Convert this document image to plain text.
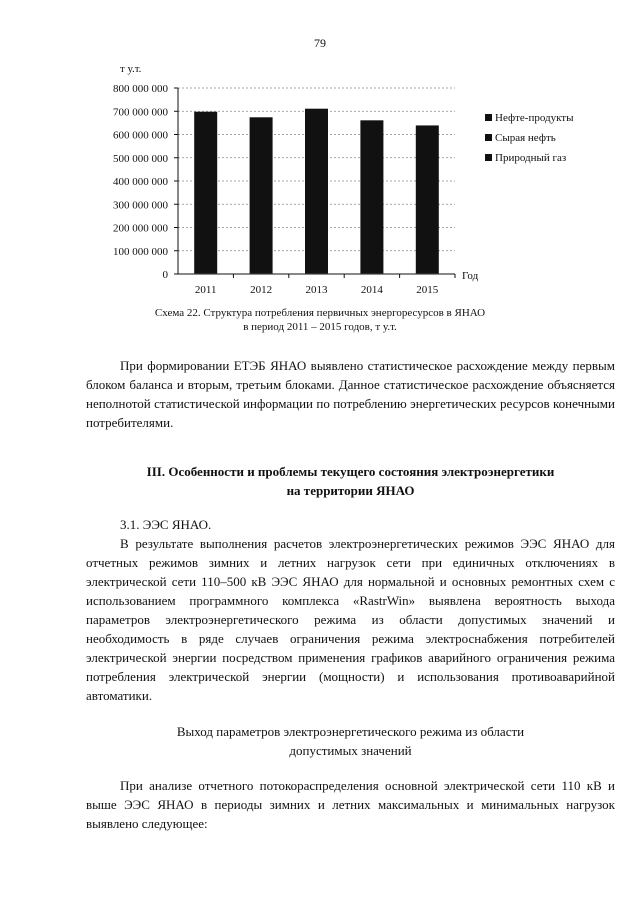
79
0
100 000 000
200 000 000
300 000 000
400 000 000
500 000 000
600 000 000
700 000 000
800 000 000
2011	2012	2013	2014	2015
Нефте-продукты
Сырая нефть
Природный газ
т у.т.
Год
Схема 22. Структура потребления первичных энергоресурсов в ЯНАО
в период 2011 – 2015 годов, т у.т.

При формировании ЕТЭБ ЯНАО выявлено статистическое расхождение между первым блоком баланса и вторым, третьим блоками. Данное статистическое расхождение объясняется неполнотой статистической информации по потреблению энергетических ресурсов конечными потребителями.

III. Особенности и проблемы текущего состояния электроэнергетики

на территории ЯНАО

3.1. ЭЭС ЯНАО.

В результате выполнения расчетов электроэнергетических режимов ЭЭС ЯНАО для отчетных режимов зимних и летних нагрузок сети при единичных отключениях в электрической сети 110–500 кВ ЭЭС ЯНАО для нормальной и основных ремонтных схем с использованием программного комплекса «RastrWin» выявлена вероятность выхода параметров электроэнергетического режима из области допустимых значений и необходимость в ряде случаев ограничения режима электроснабжения потребителей электрической энергии посредством применения графиков аварийного ограничения режима потребления электрической энергии (мощности) и использования противоаварийной автоматики.

Выход параметров электроэнергетического режима из области

допустимых значений

При анализе отчетного потокораспределения основной электрической сети 110 кВ и выше ЭЭС ЯНАО в периоды зимних и летних максимальных и минимальных нагрузок выявлено следующее:
